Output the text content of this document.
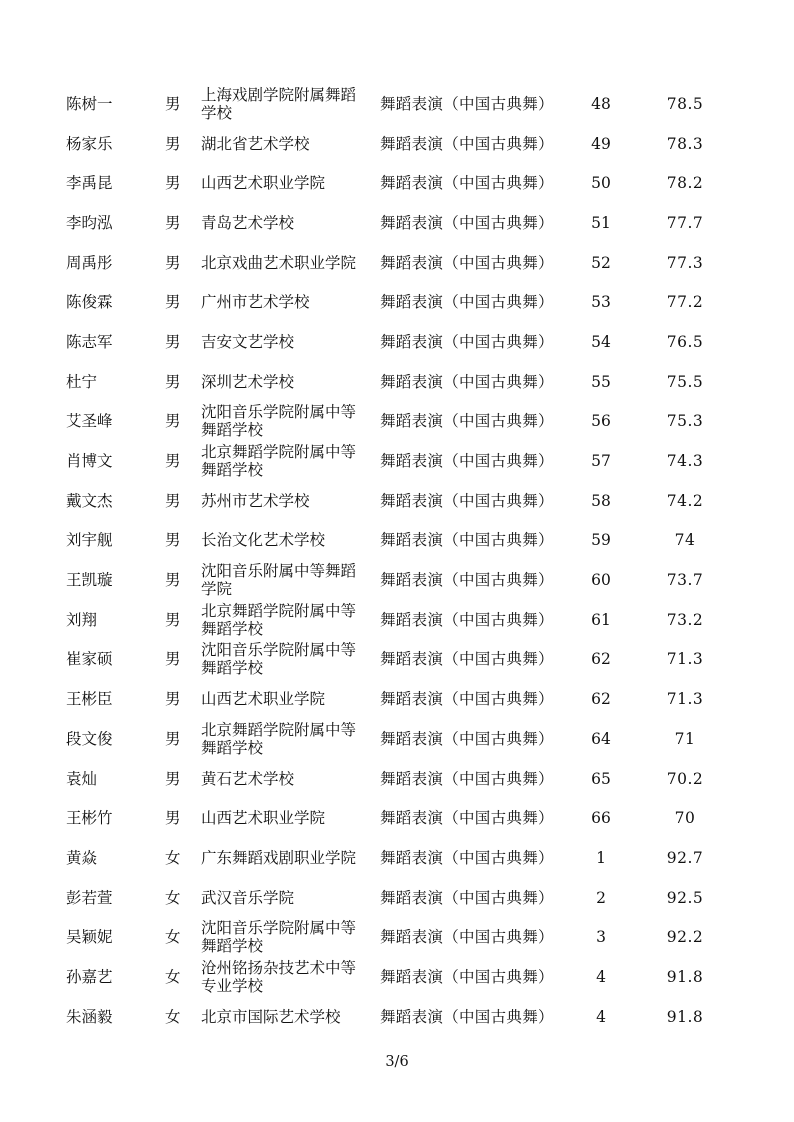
陈树一	男	上海戏剧学院附属舞蹈学校	舞蹈表演（中国古典舞）	48	78.5
杨家乐	男	湖北省艺术学校	舞蹈表演（中国古典舞）	49	78.3
李禹昆	男	山西艺术职业学院	舞蹈表演（中国古典舞）	50	78.2
李昀泓	男	青岛艺术学校	舞蹈表演（中国古典舞）	51	77.7
周禹彤	男	北京戏曲艺术职业学院	舞蹈表演（中国古典舞）	52	77.3
陈俊霖	男	广州市艺术学校	舞蹈表演（中国古典舞）	53	77.2
陈志军	男	吉安文艺学校	舞蹈表演（中国古典舞）	54	76.5
杜宁	男	深圳艺术学校	舞蹈表演（中国古典舞）	55	75.5
艾圣峰	男	沈阳音乐学院附属中等舞蹈学校	舞蹈表演（中国古典舞）	56	75.3
肖博文	男	北京舞蹈学院附属中等舞蹈学校	舞蹈表演（中国古典舞）	57	74.3
戴文杰	男	苏州市艺术学校	舞蹈表演（中国古典舞）	58	74.2
刘宇舰	男	长治文化艺术学校	舞蹈表演（中国古典舞）	59	74
王凯璇	男	沈阳音乐附属中等舞蹈学院	舞蹈表演（中国古典舞）	60	73.7
刘翔	男	北京舞蹈学院附属中等舞蹈学校	舞蹈表演（中国古典舞）	61	73.2
崔家硕	男	沈阳音乐学院附属中等舞蹈学校	舞蹈表演（中国古典舞）	62	71.3
王彬臣	男	山西艺术职业学院	舞蹈表演（中国古典舞）	62	71.3
段文俊	男	北京舞蹈学院附属中等舞蹈学校	舞蹈表演（中国古典舞）	64	71
袁灿	男	黄石艺术学校	舞蹈表演（中国古典舞）	65	70.2
王彬竹	男	山西艺术职业学院	舞蹈表演（中国古典舞）	66	70
黄焱	女	广东舞蹈戏剧职业学院	舞蹈表演（中国古典舞）	1	92.7
彭若萱	女	武汉音乐学院	舞蹈表演（中国古典舞）	2	92.5
吴颖妮	女	沈阳音乐学院附属中等舞蹈学校	舞蹈表演（中国古典舞）	3	92.2
孙嘉艺	女	沧州铭扬杂技艺术中等专业学校	舞蹈表演（中国古典舞）	4	91.8
朱涵毅	女	北京市国际艺术学校	舞蹈表演（中国古典舞）	4	91.8
3/6
